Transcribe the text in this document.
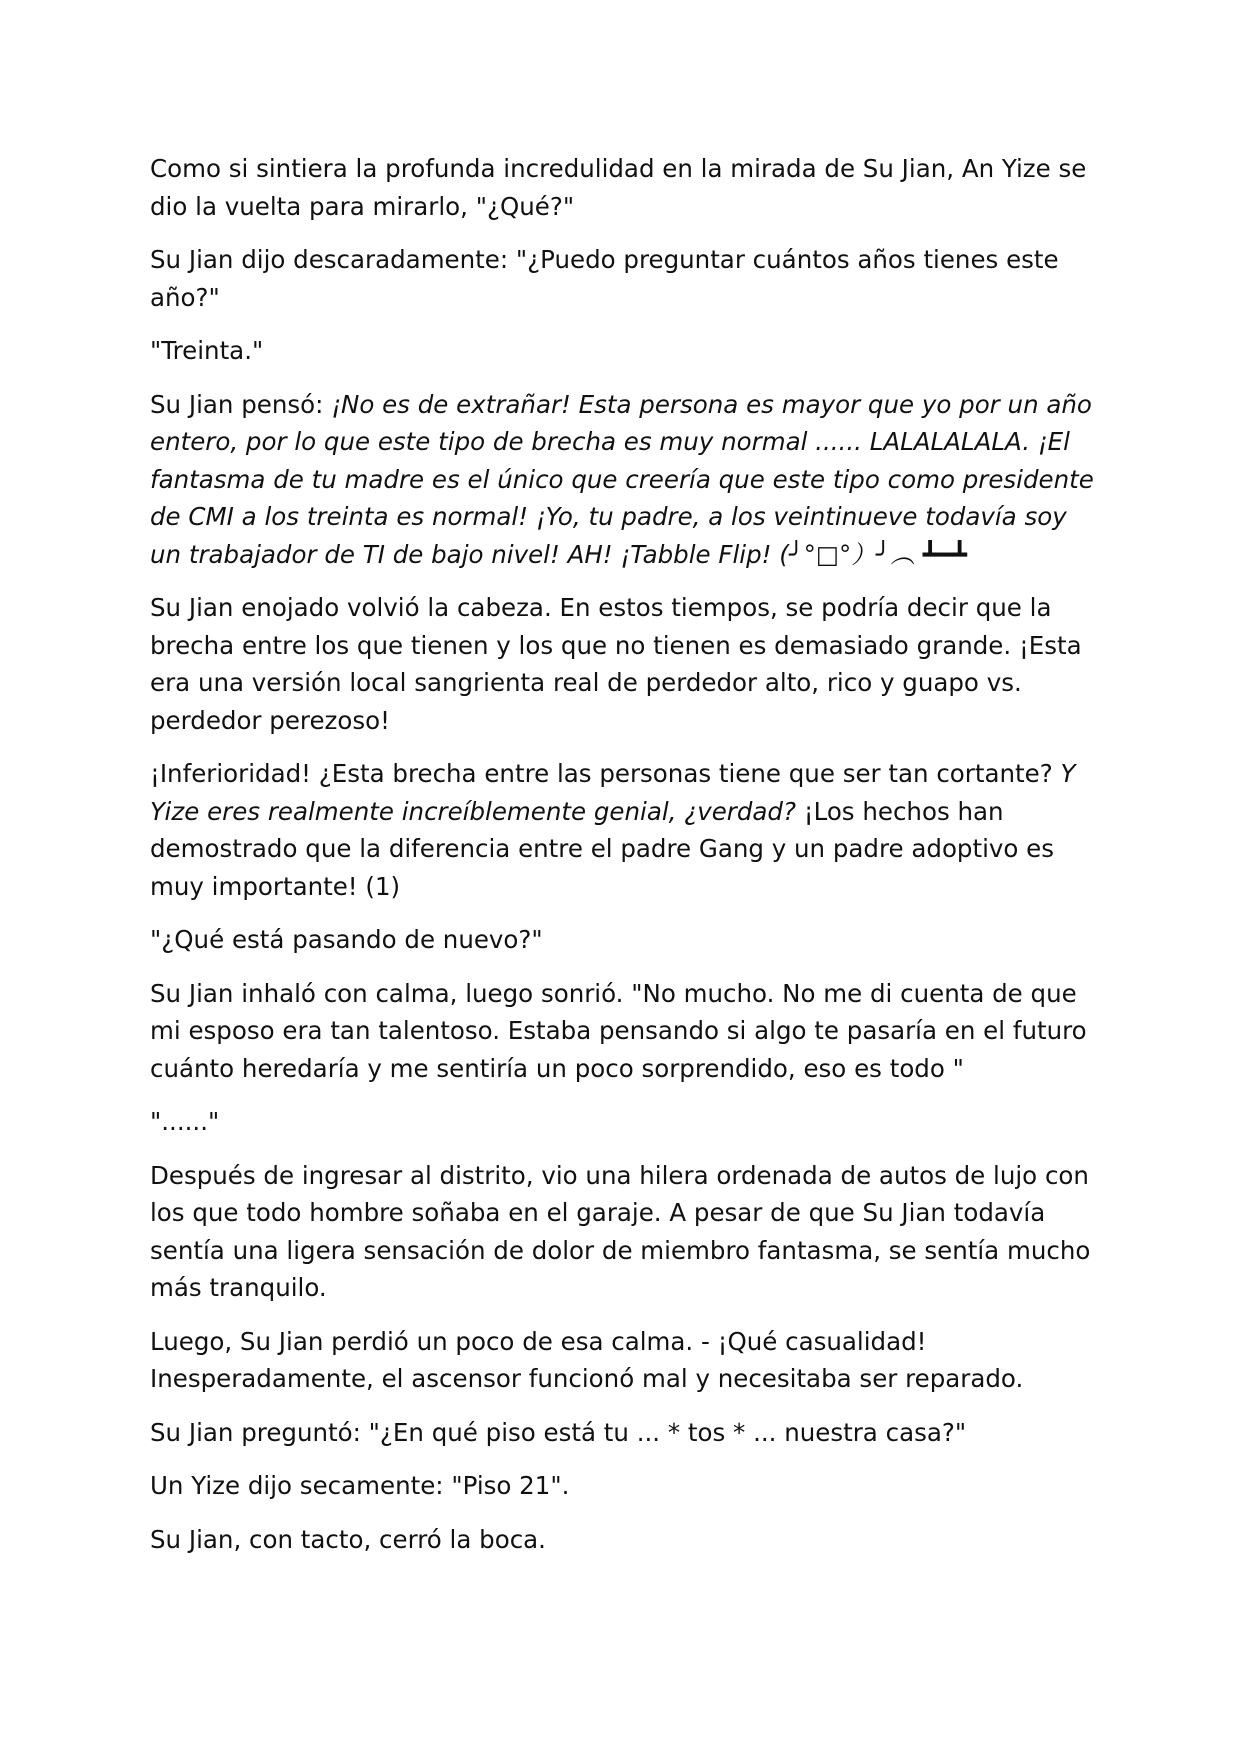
Como si sintiera la profunda incredulidad en la mirada de Su Jian, An Yize se dio la vuelta para mirarlo, "¿Qué?"

Su Jian dijo descaradamente: "¿Puedo preguntar cuántos años tienes este año?"

"Treinta."

Su Jian pensó: ¡No es de extrañar! Esta persona es mayor que yo por un año entero, por lo que este tipo de brecha es muy normal ...... LALALALALA. ¡El fantasma de tu madre es el único que creería que este tipo como presidente de CMI a los treinta es normal! ¡Yo, tu padre, a los veintinueve todavía soy un trabajador de TI de bajo nivel! AH! ¡Tabble Flip! (╯°□°）╯︵ ┻━┻

Su Jian enojado volvió la cabeza. En estos tiempos, se podría decir que la brecha entre los que tienen y los que no tienen es demasiado grande. ¡Esta era una versión local sangrienta real de perdedor alto, rico y guapo vs. perdedor perezoso!

¡Inferioridad! ¿Esta brecha entre las personas tiene que ser tan cortante? Y Yize eres realmente increíblemente genial, ¿verdad? ¡Los hechos han demostrado que la diferencia entre el padre Gang y un padre adoptivo es muy importante! (1)

"¿Qué está pasando de nuevo?"

Su Jian inhaló con calma, luego sonrió. "No mucho. No me di cuenta de que mi esposo era tan talentoso. Estaba pensando si algo te pasaría en el futuro cuánto heredaría y me sentiría un poco sorprendido, eso es todo "

"......"

Después de ingresar al distrito, vio una hilera ordenada de autos de lujo con los que todo hombre soñaba en el garaje. A pesar de que Su Jian todavía sentía una ligera sensación de dolor de miembro fantasma, se sentía mucho más tranquilo.

Luego, Su Jian perdió un poco de esa calma. - ¡Qué casualidad! Inesperadamente, el ascensor funcionó mal y necesitaba ser reparado.

Su Jian preguntó: "¿En qué piso está tu ... * tos * ... nuestra casa?"

Un Yize dijo secamente: "Piso 21".

Su Jian, con tacto, cerró la boca.
